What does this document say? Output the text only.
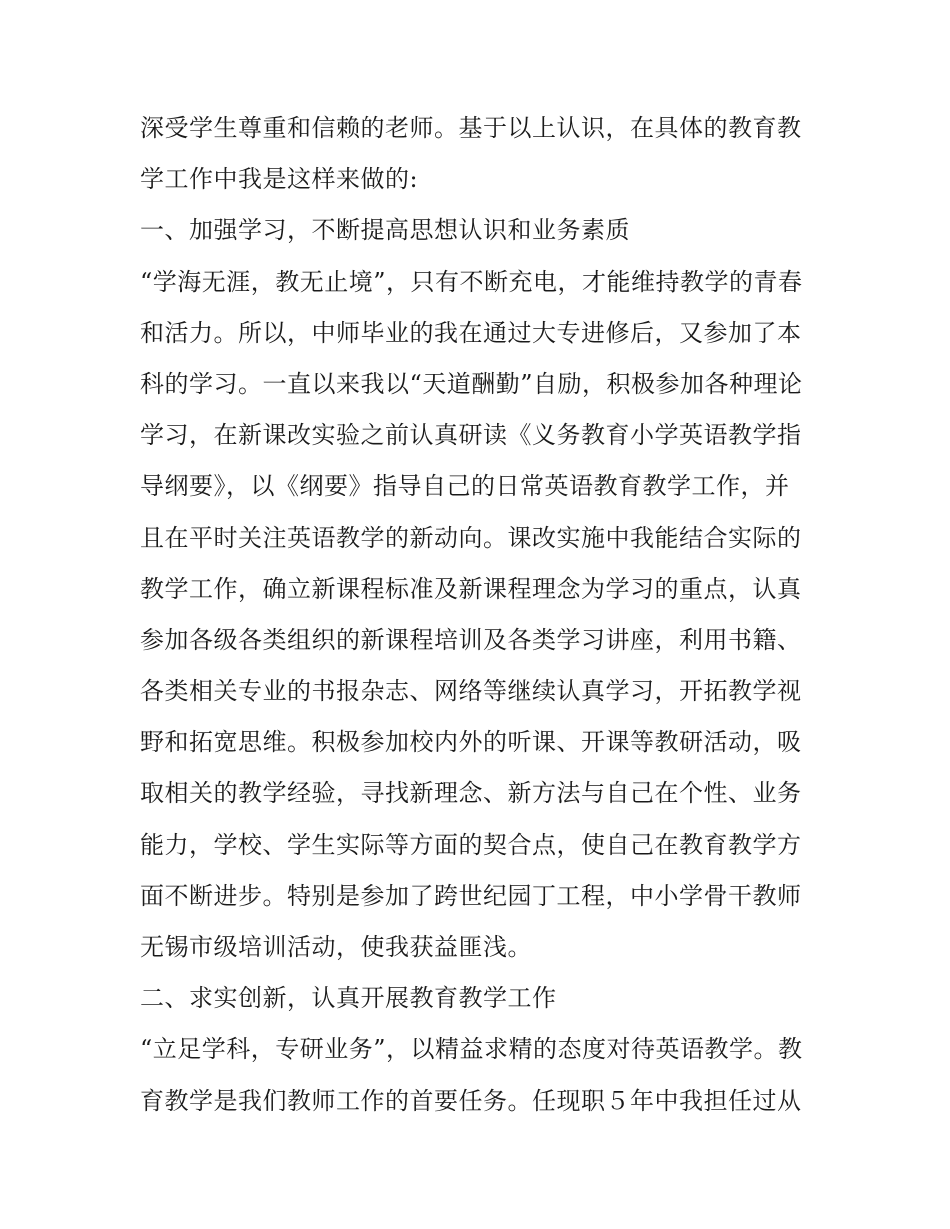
深受学生尊重和信赖的老师。基于以上认识，在具体的教育教
学工作中我是这样来做的:
一、加强学习，不断提高思想认识和业务素质
“学海无涯，教无止境”，只有不断充电，才能维持教学的青春
和活力。所以，中师毕业的我在通过大专进修后，又参加了本
科的学习。一直以来我以“天道酬勤”自励，积极参加各种理论
学习，在新课改实验之前认真研读《义务教育小学英语教学指
导纲要》，以《纲要》指导自己的日常英语教育教学工作，并
且在平时关注英语教学的新动向。课改实施中我能结合实际的
教学工作，确立新课程标准及新课程理念为学习的重点，认真
参加各级各类组织的新课程培训及各类学习讲座，利用书籍、
各类相关专业的书报杂志、网络等继续认真学习，开拓教学视
野和拓宽思维。积极参加校内外的听课、开课等教研活动，吸
取相关的教学经验，寻找新理念、新方法与自己在个性、业务
能力，学校、学生实际等方面的契合点，使自己在教育教学方
面不断进步。特别是参加了跨世纪园丁工程，中小学骨干教师
无锡市级培训活动，使我获益匪浅。
二、求实创新，认真开展教育教学工作
“立足学科，专研业务”，以精益求精的态度对待英语教学。教
育教学是我们教师工作的首要任务。任现职５年中我担任过从
